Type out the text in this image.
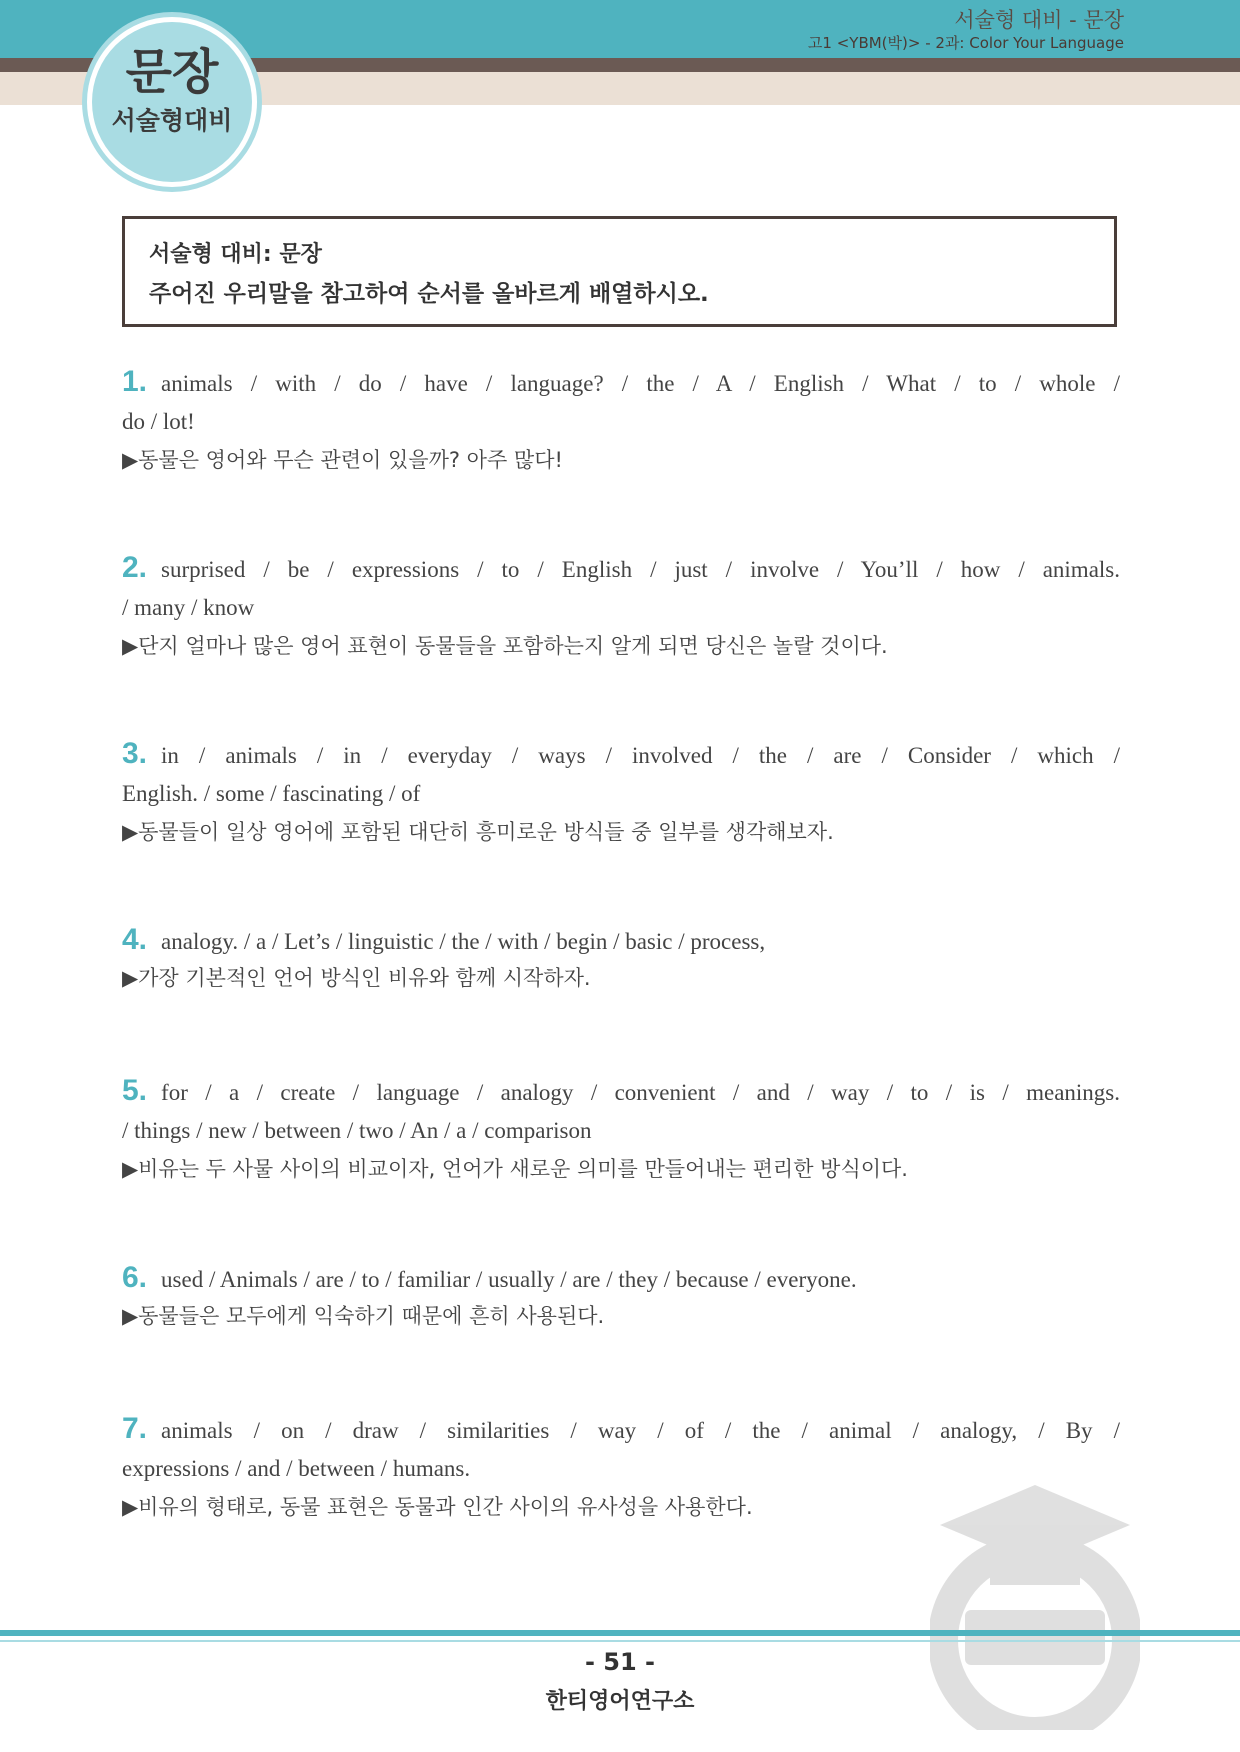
서술형 대비 - 문장
고1 <YBM(박)> - 2과: Color Your Language
문장
서술형대비
서술형 대비: 문장
주어진 우리말을 참고하여 순서를 올바르게 배열하시오.
1. animals / with / do / have / language? / the / A / English / What / to / whole /
do / lot!
▶동물은 영어와 무슨 관련이 있을까? 아주 많다!
2. surprised / be / expressions / to / English / just / involve / You’ll / how / animals.
/ many / know
▶단지 얼마나 많은 영어 표현이 동물들을 포함하는지 알게 되면 당신은 놀랄 것이다.
3. in / animals / in / everyday / ways / involved / the / are / Consider / which /
English. / some / fascinating / of
▶동물들이 일상 영어에 포함된 대단히 흥미로운 방식들 중 일부를 생각해보자.
4. analogy. / a / Let’s / linguistic / the / with / begin / basic / process,
▶가장 기본적인 언어 방식인 비유와 함께 시작하자.
5. for / a / create / language / analogy / convenient / and / way / to / is / meanings.
/ things / new / between / two / An / a / comparison
▶비유는 두 사물 사이의 비교이자, 언어가 새로운 의미를 만들어내는 편리한 방식이다.
6. used / Animals / are / to / familiar / usually / are / they / because / everyone.
▶동물들은 모두에게 익숙하기 때문에 흔히 사용된다.
7. animals / on / draw / similarities / way / of / the / animal / analogy, / By /
expressions / and / between / humans.
▶비유의 형태로, 동물 표현은 동물과 인간 사이의 유사성을 사용한다.
- 51 -
한티영어연구소
